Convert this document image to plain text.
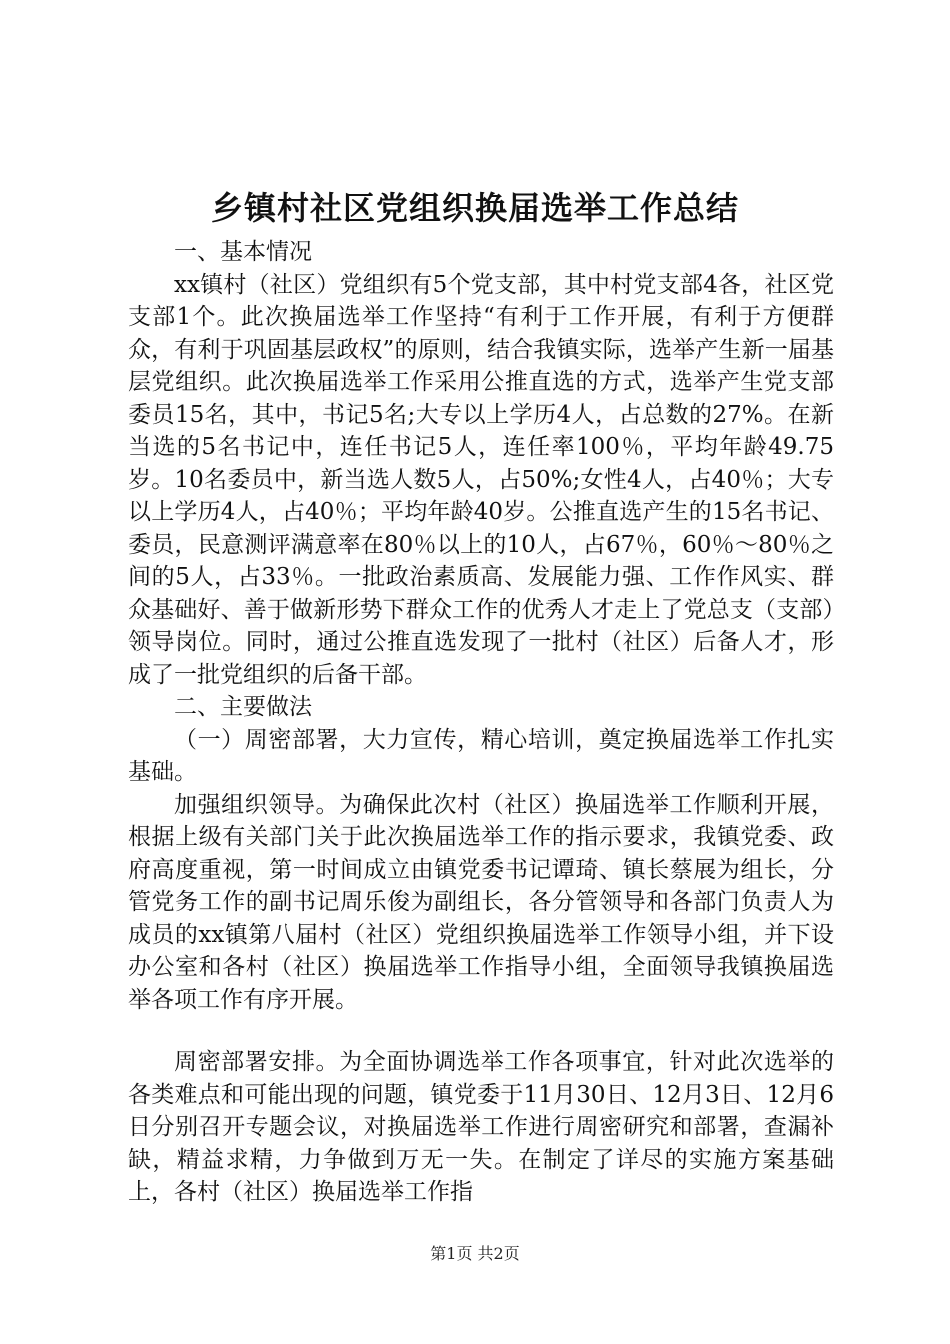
乡镇村社区党组织换届选举工作总结

一、基本情况

xx镇村（社区）党组织有5个党支部，其中村党支部4各，社区党支部1个。此次换届选举工作坚持“有利于工作开展，有利于方便群众，有利于巩固基层政权”的原则，结合我镇实际，选举产生新一届基层党组织。此次换届选举工作采用公推直选的方式，选举产生党支部委员15名，其中，书记5名;大专以上学历4人，占总数的27%。在新当选的5名书记中，连任书记5人，连任率100％，平均年龄49.75岁。10名委员中，新当选人数5人，占50%;女性4人，占40％；大专以上学历4人，占40％；平均年龄40岁。公推直选产生的15名书记、委员，民意测评满意率在80％以上的10人，占67％，60％～80％之间的5人，占33％。一批政治素质高、发展能力强、工作作风实、群众基础好、善于做新形势下群众工作的优秀人才走上了党总支（支部）领导岗位。同时，通过公推直选发现了一批村（社区）后备人才，形成了一批党组织的后备干部。

二、主要做法

（一）周密部署，大力宣传，精心培训，奠定换届选举工作扎实基础。

加强组织领导。为确保此次村（社区）换届选举工作顺利开展，根据上级有关部门关于此次换届选举工作的指示要求，我镇党委、政府高度重视，第一时间成立由镇党委书记谭琦、镇长蔡展为组长，分管党务工作的副书记周乐俊为副组长，各分管领导和各部门负责人为成员的xx镇第八届村（社区）党组织换届选举工作领导小组，并下设办公室和各村（社区）换届选举工作指导小组，全面领导我镇换届选举各项工作有序开展。

周密部署安排。为全面协调选举工作各项事宜，针对此次选举的各类难点和可能出现的问题，镇党委于11月30日、12月3日、12月6日分别召开专题会议，对换届选举工作进行周密研究和部署，查漏补缺，精益求精，力争做到万无一失。在制定了详尽的实施方案基础上，各村（社区）换届选举工作指

第1页 共2页
